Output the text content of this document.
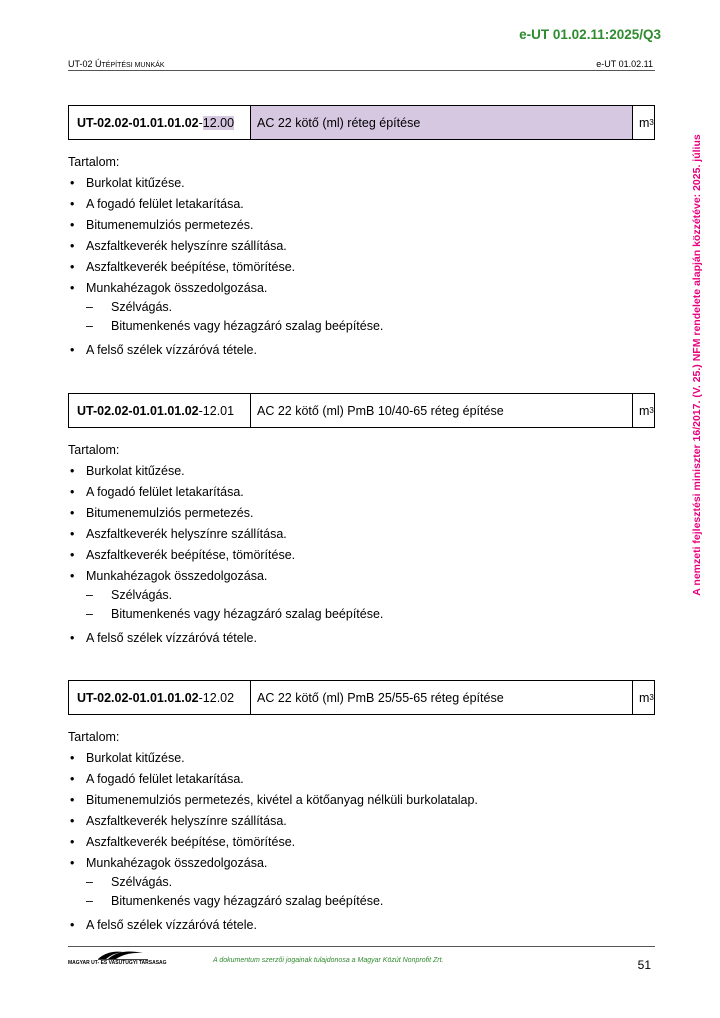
e-UT 01.02.11:2025/Q3
UT-02 ÚTÉPÍTÉSI MUNKÁK	e-UT 01.02.11
A nemzeti fejlesztési miniszter 16/2017. (V. 25.) NFM rendelete alapján közzétéve: 2025. július
UT-02.02-01.01.01.02 - 12.00	AC 22 kötő (ml) réteg építése	m 3
Tartalom:
• Burkolat kitűzése.
• A fogadó felület letakarítása.
• Bitumenemulziós permetezés.
• Aszfaltkeverék helyszínre szállítása.
• Aszfaltkeverék beépítése, tömörítése.
• Munkahézagok összedolgozása.
– Szélvágás.
– Bitumenkenés vagy hézagzáró szalag beépítése.
• A felső szélek vízzáróvá tétele.
UT-02.02-01.01.01.02 - 12.01	AC 22 kötő (ml) PmB 10/40-65 réteg építése	m 3
Tartalom:
• Burkolat kitűzése.
• A fogadó felület letakarítása.
• Bitumenemulziós permetezés.
• Aszfaltkeverék helyszínre szállítása.
• Aszfaltkeverék beépítése, tömörítése.
• Munkahézagok összedolgozása.
– Szélvágás.
– Bitumenkenés vagy hézagzáró szalag beépítése.
• A felső szélek vízzáróvá tétele.
UT-02.02-01.01.01.02 - 12.02	AC 22 kötő (ml) PmB 25/55-65 réteg építése	m 3
Tartalom:
• Burkolat kitűzése.
• A fogadó felület letakarítása.
• Bitumenemulziós permetezés, kivétel a kötőanyag nélküli burkolatalap.
• Aszfaltkeverék helyszínre szállítása.
• Aszfaltkeverék beépítése, tömörítése.
• Munkahézagok összedolgozása.
– Szélvágás.
– Bitumenkenés vagy hézagzáró szalag beépítése.
• A felső szélek vízzáróvá tétele.
MAGYAR UT- ES VASUTUGYI TARSASAG	A dokumentum szerzői jogainak tulajdonosa a Magyar Közút Nonprofit Zrt.	51
